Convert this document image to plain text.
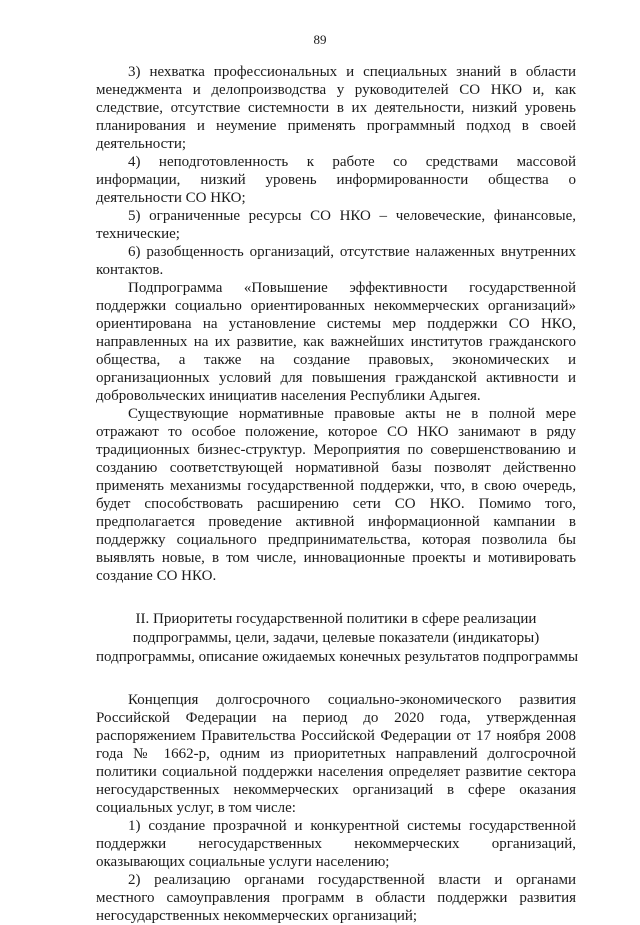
89

3) нехватка профессиональных и специальных знаний в области менеджмента и делопроизводства у руководителей СО НКО и, как следствие, отсутствие системности в их деятельности, низкий уровень планирования и неумение применять программный подход в своей деятельности;

4) неподготовленность к работе со средствами массовой информации, низкий уровень информированности общества о деятельности СО НКО;

5) ограниченные ресурсы СО НКО – человеческие, финансовые, технические;

6) разобщенность организаций, отсутствие налаженных внутренних контактов.

Подпрограмма «Повышение эффективности государственной поддержки социально ориентированных некоммерческих организаций» ориентирована на установление системы мер поддержки СО НКО, направленных на их развитие, как важнейших институтов гражданского общества, а также на создание правовых, экономических и организационных условий для повышения гражданской активности и добровольческих инициатив населения Республики Адыгея.

Существующие нормативные правовые акты не в полной мере отражают то особое положение, которое СО НКО занимают в ряду традиционных бизнес-структур. Мероприятия по совершенствованию и созданию соответствующей нормативной базы позволят действенно применять механизмы государственной поддержки, что, в свою очередь, будет способствовать расширению сети СО НКО. Помимо того, предполагается проведение активной информационной кампании в поддержку социального предпринимательства, которая позволила бы выявлять новые, в том числе, инновационные проекты и мотивировать создание СО НКО.

II. Приоритеты государственной политики в сфере реализации
подпрограммы, цели, задачи, целевые показатели (индикаторы)
подпрограммы, описание ожидаемых конечных результатов подпрограммы

Концепция долгосрочного социально-экономического развития Российской Федерации на период до 2020 года, утвержденная распоряжением Правительства Российской Федерации от 17 ноября 2008 года № 1662-р, одним из приоритетных направлений долгосрочной политики социальной поддержки населения определяет развитие сектора негосударственных некоммерческих организаций в сфере оказания социальных услуг, в том числе:

1) создание прозрачной и конкурентной системы государственной поддержки негосударственных некоммерческих организаций, оказывающих социальные услуги населению;

2) реализацию органами государственной власти и органами местного самоуправления программ в области поддержки развития негосударственных некоммерческих организаций;
